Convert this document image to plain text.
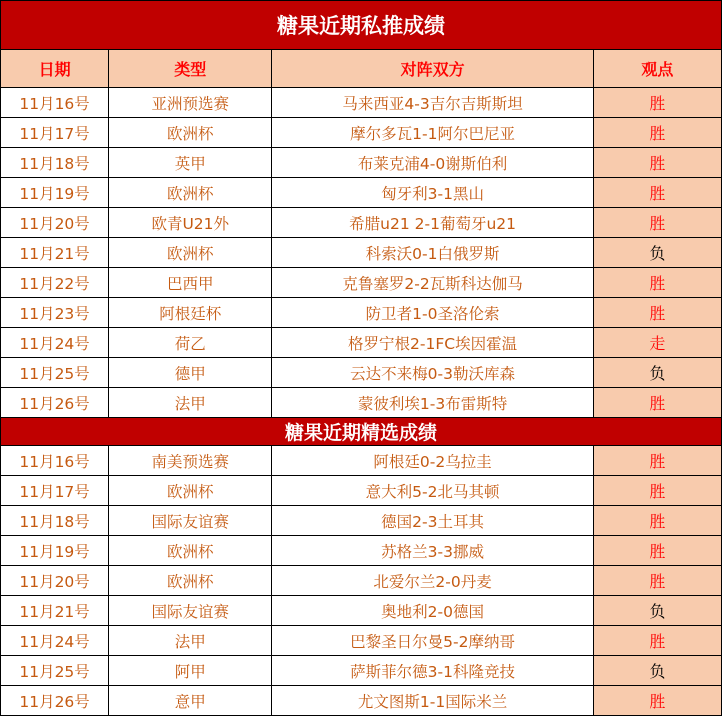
糖果近期私推成绩			
日期	类型	对阵双方	观点
11月16号	亚洲预选赛	马来西亚4-3吉尔吉斯斯坦	胜
11月17号	欧洲杯	摩尔多瓦1-1阿尔巴尼亚	胜
11月18号	英甲	布莱克浦4-0谢斯伯利	胜
11月19号	欧洲杯	匈牙利3-1黑山	胜
11月20号	欧青U21外	希腊u21 2-1葡萄牙u21	胜
11月21号	欧洲杯	科索沃0-1白俄罗斯	负
11月22号	巴西甲	克鲁塞罗2-2瓦斯科达伽马	胜
11月23号	阿根廷杯	防卫者1-0圣洛伦索	胜
11月24号	荷乙	格罗宁根2-1FC埃因霍温	走
11月25号	德甲	云达不来梅0-3勒沃库森	负
11月26号	法甲	蒙彼利埃1-3布雷斯特	胜
糖果近期精选成绩			
11月16号	南美预选赛	阿根廷0-2乌拉圭	胜
11月17号	欧洲杯	意大利5-2北马其顿	胜
11月18号	国际友谊赛	德国2-3土耳其	胜
11月19号	欧洲杯	苏格兰3-3挪威	胜
11月20号	欧洲杯	北爱尔兰2-0丹麦	胜
11月21号	国际友谊赛	奥地利2-0德国	负
11月24号	法甲	巴黎圣日尔曼5-2摩纳哥	胜
11月25号	阿甲	萨斯菲尔德3-1科隆竞技	负
11月26号	意甲	尤文图斯1-1国际米兰	胜
